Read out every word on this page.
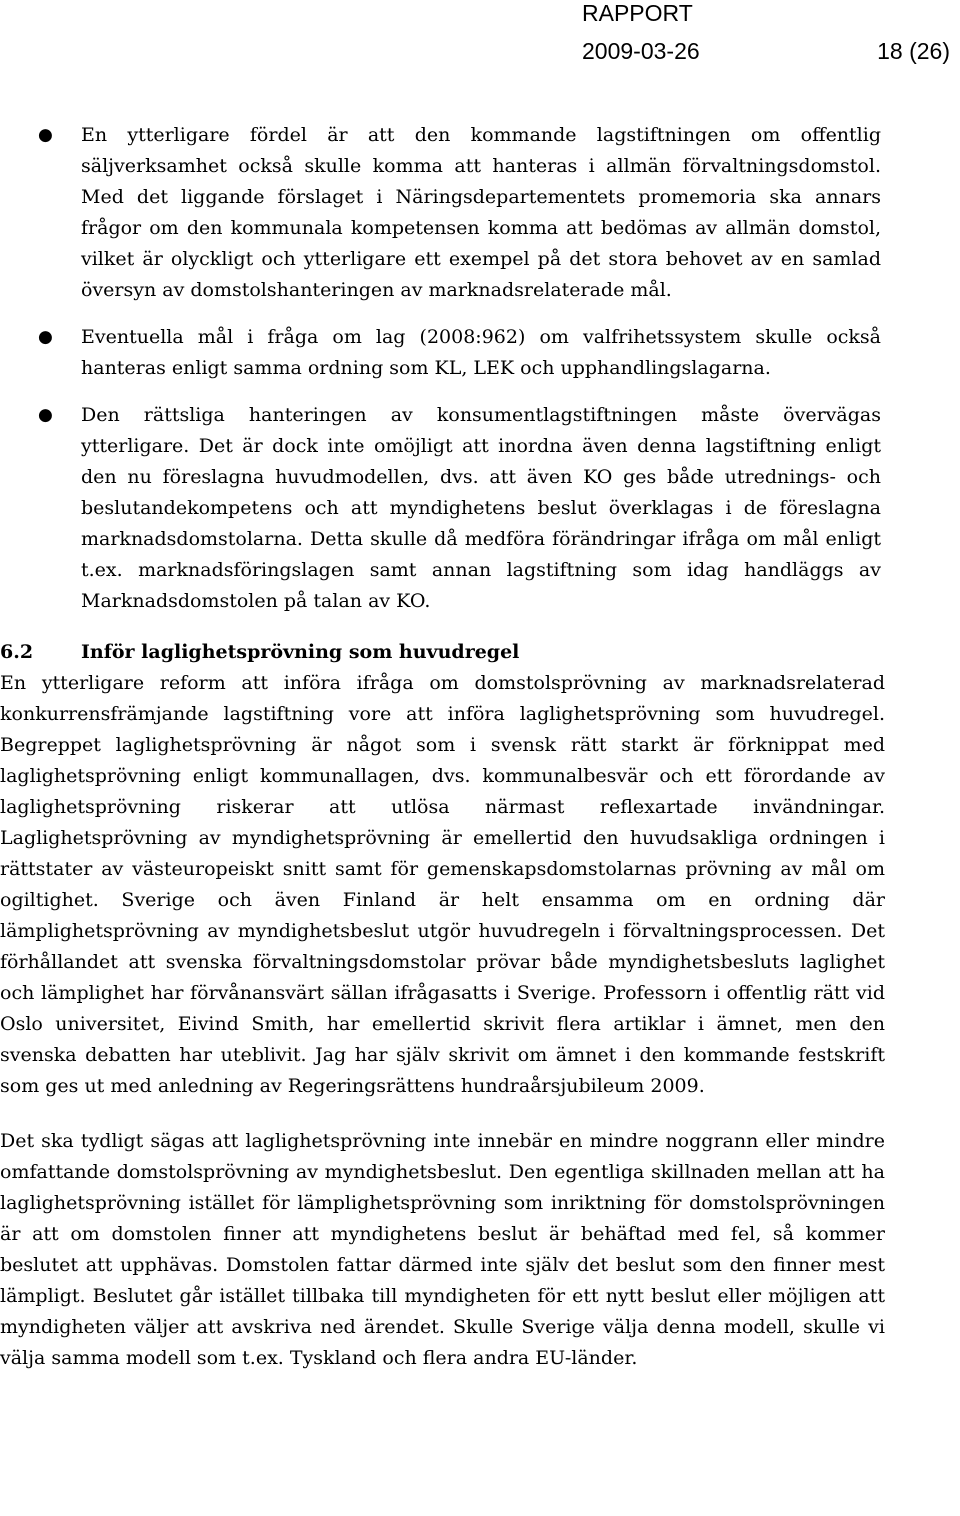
RAPPORT
2009-03-26	18 (26)
● En ytterligare fördel är att den kommande lagstiftningen om offentlig säljverksamhet också skulle komma att hanteras i allmän förvaltningsdomstol. Med det liggande förslaget i Näringsdepartementets promemoria ska annars frågor om den kommunala kompetensen komma att bedömas av allmän domstol, vilket är olyckligt och ytterligare ett exempel på det stora behovet av en samlad översyn av domstolshanteringen av marknadsrelaterade mål.
● Eventuella mål i fråga om lag (2008:962) om valfrihetssystem skulle också hanteras enligt samma ordning som KL, LEK och upphandlingslagarna.
● Den rättsliga hanteringen av konsumentlagstiftningen måste övervägas ytterligare. Det är dock inte omöjligt att inordna även denna lagstiftning enligt den nu föreslagna huvudmodellen, dvs. att även KO ges både utrednings- och beslutandekompetens och att myndighetens beslut överklagas i de föreslagna marknadsdomstolarna. Detta skulle då medföra förändringar ifråga om mål enligt t.ex. marknadsföringslagen samt annan lagstiftning som idag handläggs av Marknadsdomstolen på talan av KO.
6.2	Inför laglighetsprövning som huvudregel

En ytterligare reform att införa ifråga om domstolsprövning av marknadsrelaterad konkurrensfrämjande lagstiftning vore att införa laglighetsprövning som huvudregel. Begreppet laglighetsprövning är något som i svensk rätt starkt är förknippat med laglighetsprövning enligt kommunallagen, dvs. kommunalbesvär och ett förordande av laglighetsprövning riskerar att utlösa närmast reflexartade invändningar. Laglighetsprövning av myndighetsprövning är emellertid den huvudsakliga ordningen i rättstater av västeuropeiskt snitt samt för gemenskapsdomstolarnas prövning av mål om ogiltighet. Sverige och även Finland är helt ensamma om en ordning där lämplighetsprövning av myndighetsbeslut utgör huvudregeln i förvaltningsprocessen. Det förhållandet att svenska förvaltningsdomstolar prövar både myndighetsbesluts laglighet och lämplighet har förvånansvärt sällan ifrågasatts i Sverige. Professorn i offentlig rätt vid Oslo universitet, Eivind Smith, har emellertid skrivit flera artiklar i ämnet, men den svenska debatten har uteblivit. Jag har själv skrivit om ämnet i den kommande festskrift som ges ut med anledning av Regeringsrättens hundraårsjubileum 2009.

Det ska tydligt sägas att laglighetsprövning inte innebär en mindre noggrann eller mindre omfattande domstolsprövning av myndighetsbeslut. Den egentliga skillnaden mellan att ha laglighetsprövning istället för lämplighetsprövning som inriktning för domstolsprövningen är att om domstolen finner att myndighetens beslut är behäftad med fel, så kommer beslutet att upphävas. Domstolen fattar därmed inte själv det beslut som den finner mest lämpligt. Beslutet går istället tillbaka till myndigheten för ett nytt beslut eller möjligen att myndigheten väljer att avskriva ned ärendet. Skulle Sverige välja denna modell, skulle vi välja samma modell som t.ex. Tyskland och flera andra EU-länder.
